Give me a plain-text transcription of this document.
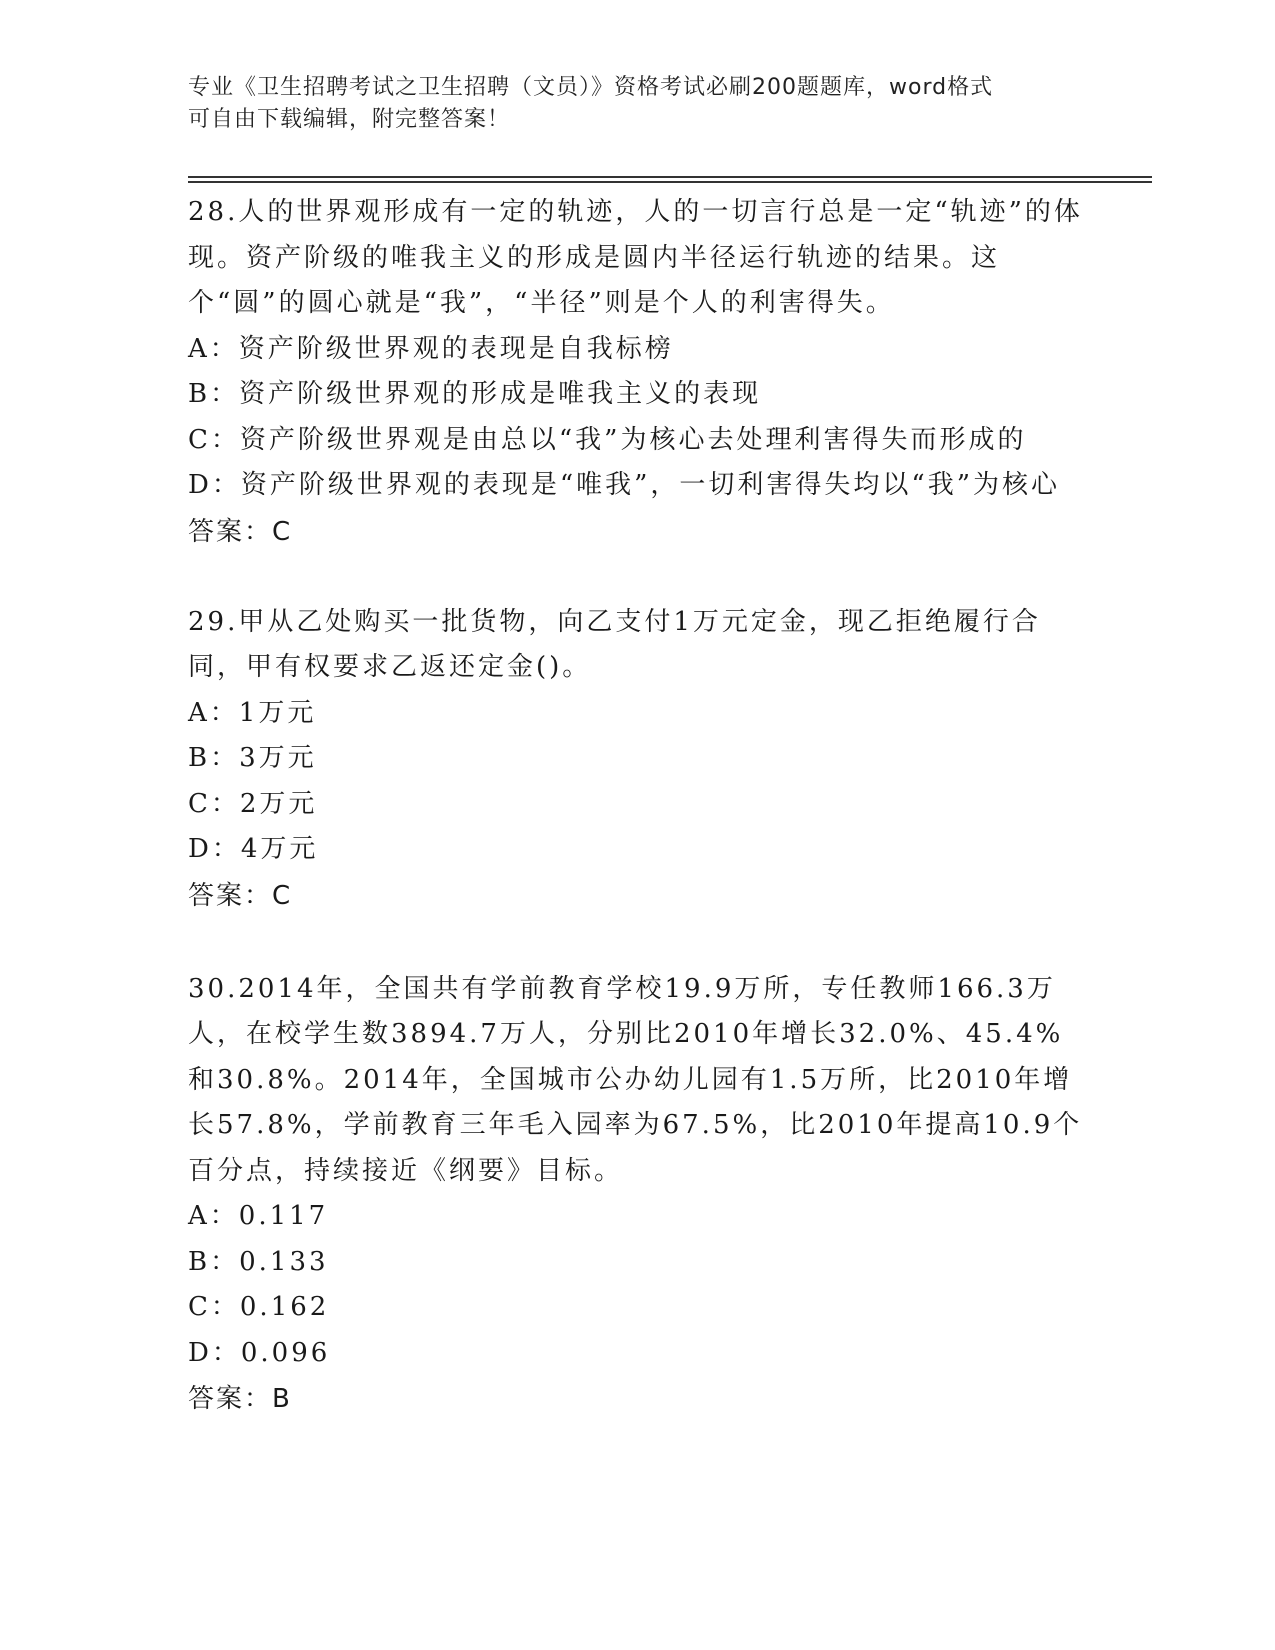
专业《卫生招聘考试之卫生招聘（文员）》资格考试必刷200题题库，word格式
可自由下载编辑，附完整答案！

28.人的世界观形成有一定的轨迹，人的一切言行总是一定“轨迹”的体现。资产阶级的唯我主义的形成是圆内半径运行轨迹的结果。这个“圆”的圆心就是“我”，“半径”则是个人的利害得失。

A：资产阶级世界观的表现是自我标榜

B：资产阶级世界观的形成是唯我主义的表现

C：资产阶级世界观是由总以“我”为核心去处理利害得失而形成的

D：资产阶级世界观的表现是“唯我”，一切利害得失均以“我”为核心

答案：C

29.甲从乙处购买一批货物，向乙支付1万元定金，现乙拒绝履行合同，甲有权要求乙返还定金()。

A：1万元

B：3万元

C：2万元

D：4万元

答案：C

30.2014年，全国共有学前教育学校19.9万所，专任教师166.3万人，在校学生数3894.7万人，分别比2010年增长32.0%、45.4%和30.8%。2014年，全国城市公办幼儿园有1.5万所，比2010年增长57.8%，学前教育三年毛入园率为67.5%，比2010年提高10.9个百分点，持续接近《纲要》目标。

A：0.117

B：0.133

C：0.162

D：0.096

答案：B
